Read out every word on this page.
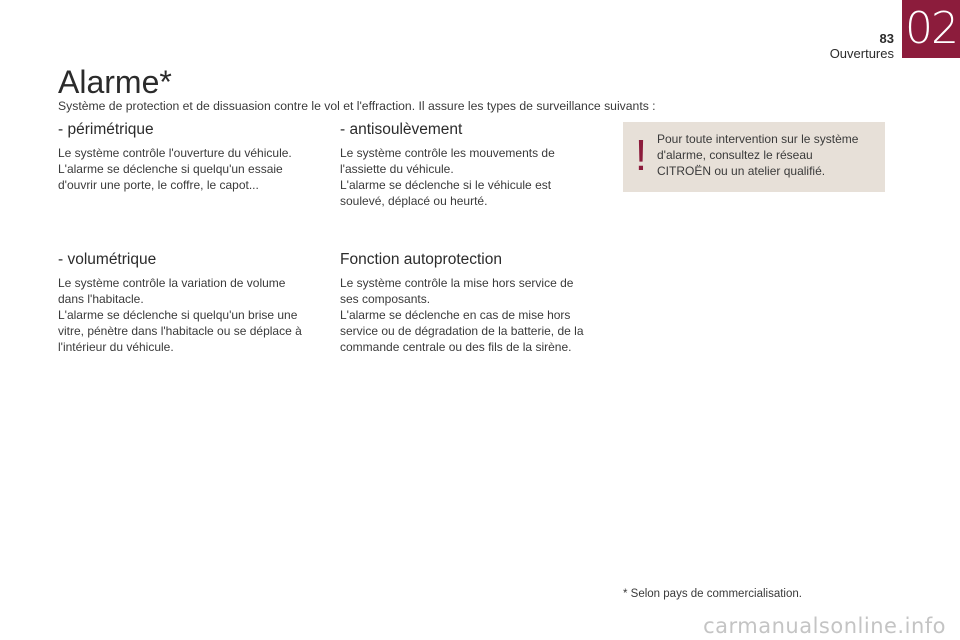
83
Ouvertures 02
Alarme*
Système de protection et de dissuasion contre le vol et l'effraction. Il assure les types de surveillance suivants :
- périmétrique

Le système contrôle l'ouverture du véhicule.

L'alarme se déclenche si quelqu'un essaie

d'ouvrir une porte, le coffre, le capot...

- antisoulèvement

Le système contrôle les mouvements de

l'assiette du véhicule.

L'alarme se déclenche si le véhicule est

soulevé, déplacé ou heurté.

- volumétrique

Le système contrôle la variation de volume

dans l'habitacle.

L'alarme se déclenche si quelqu'un brise une

vitre, pénètre dans l'habitacle ou se déplace à

l'intérieur du véhicule.

Fonction autoprotection

Le système contrôle la mise hors service de

ses composants.

L'alarme se déclenche en cas de mise hors

service ou de dégradation de la batterie, de la

commande centrale ou des fils de la sirène.

! Pour toute intervention sur le système
d'alarme, consultez le réseau
CITROËN ou un atelier qualifié.
* Selon pays de commercialisation.
carmanualsonline.info
